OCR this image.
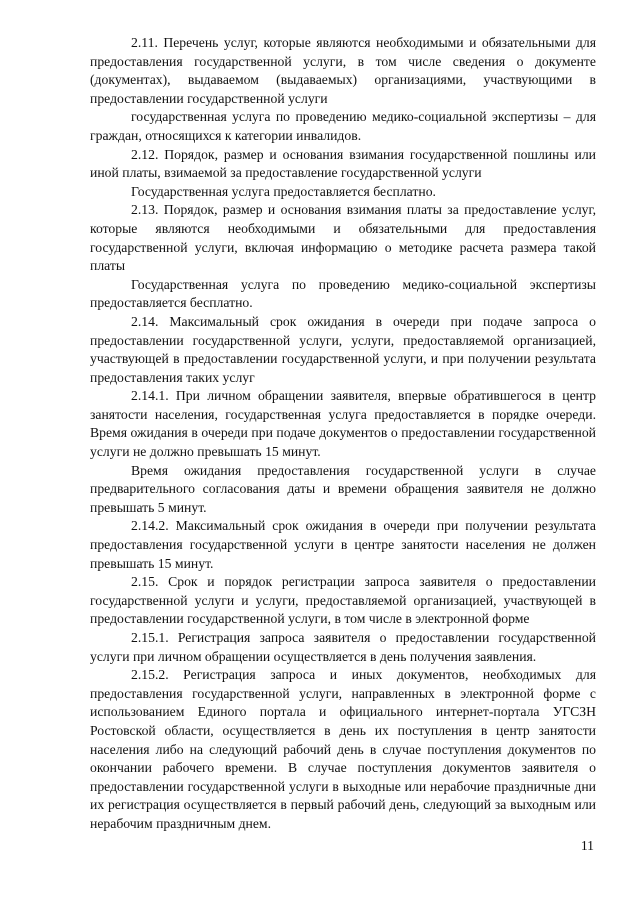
2.11. Перечень услуг, которые являются необходимыми и обязательными для предоставления государственной услуги, в том числе сведения о документе (документах), выдаваемом (выдаваемых) организациями, участвующими в предоставлении государственной услуги

государственная услуга по проведению медико-социальной экспертизы – для граждан, относящихся к категории инвалидов.

2.12. Порядок, размер и основания взимания государственной пошлины или иной платы, взимаемой за предоставление государственной услуги

Государственная услуга предоставляется бесплатно.

2.13. Порядок, размер и основания взимания платы за предоставление услуг, которые являются необходимыми и обязательными для предоставления государственной услуги, включая информацию о методике расчета размера такой платы

Государственная услуга по проведению медико-социальной экспертизы предоставляется бесплатно.

2.14. Максимальный срок ожидания в очереди при подаче запроса о предоставлении государственной услуги, услуги, предоставляемой организацией, участвующей в предоставлении государственной услуги, и при получении результата предоставления таких услуг

2.14.1. При личном обращении заявителя, впервые обратившегося в центр занятости населения, государственная услуга предоставляется в порядке очереди. Время ожидания в очереди при подаче документов о предоставлении государственной услуги не должно превышать 15 минут.

Время ожидания предоставления государственной услуги в случае предварительного согласования даты и времени обращения заявителя не должно превышать 5 минут.

2.14.2. Максимальный срок ожидания в очереди при получении результата предоставления государственной услуги в центре занятости населения не должен превышать 15 минут.

2.15. Срок и порядок регистрации запроса заявителя о предоставлении государственной услуги и услуги, предоставляемой организацией, участвующей в предоставлении государственной услуги, в том числе в электронной форме

2.15.1. Регистрация запроса заявителя о предоставлении государственной услуги при личном обращении осуществляется в день получения заявления.

2.15.2. Регистрация запроса и иных документов, необходимых для предоставления государственной услуги, направленных в электронной форме с использованием Единого портала и официального интернет-портала УГСЗН Ростовской области, осуществляется в день их поступления в центр занятости населения либо на следующий рабочий день в случае поступления документов по окончании рабочего времени. В случае поступления документов заявителя о предоставлении государственной услуги в выходные или нерабочие праздничные дни их регистрация осуществляется в первый рабочий день, следующий за выходным или нерабочим праздничным днем.

11
